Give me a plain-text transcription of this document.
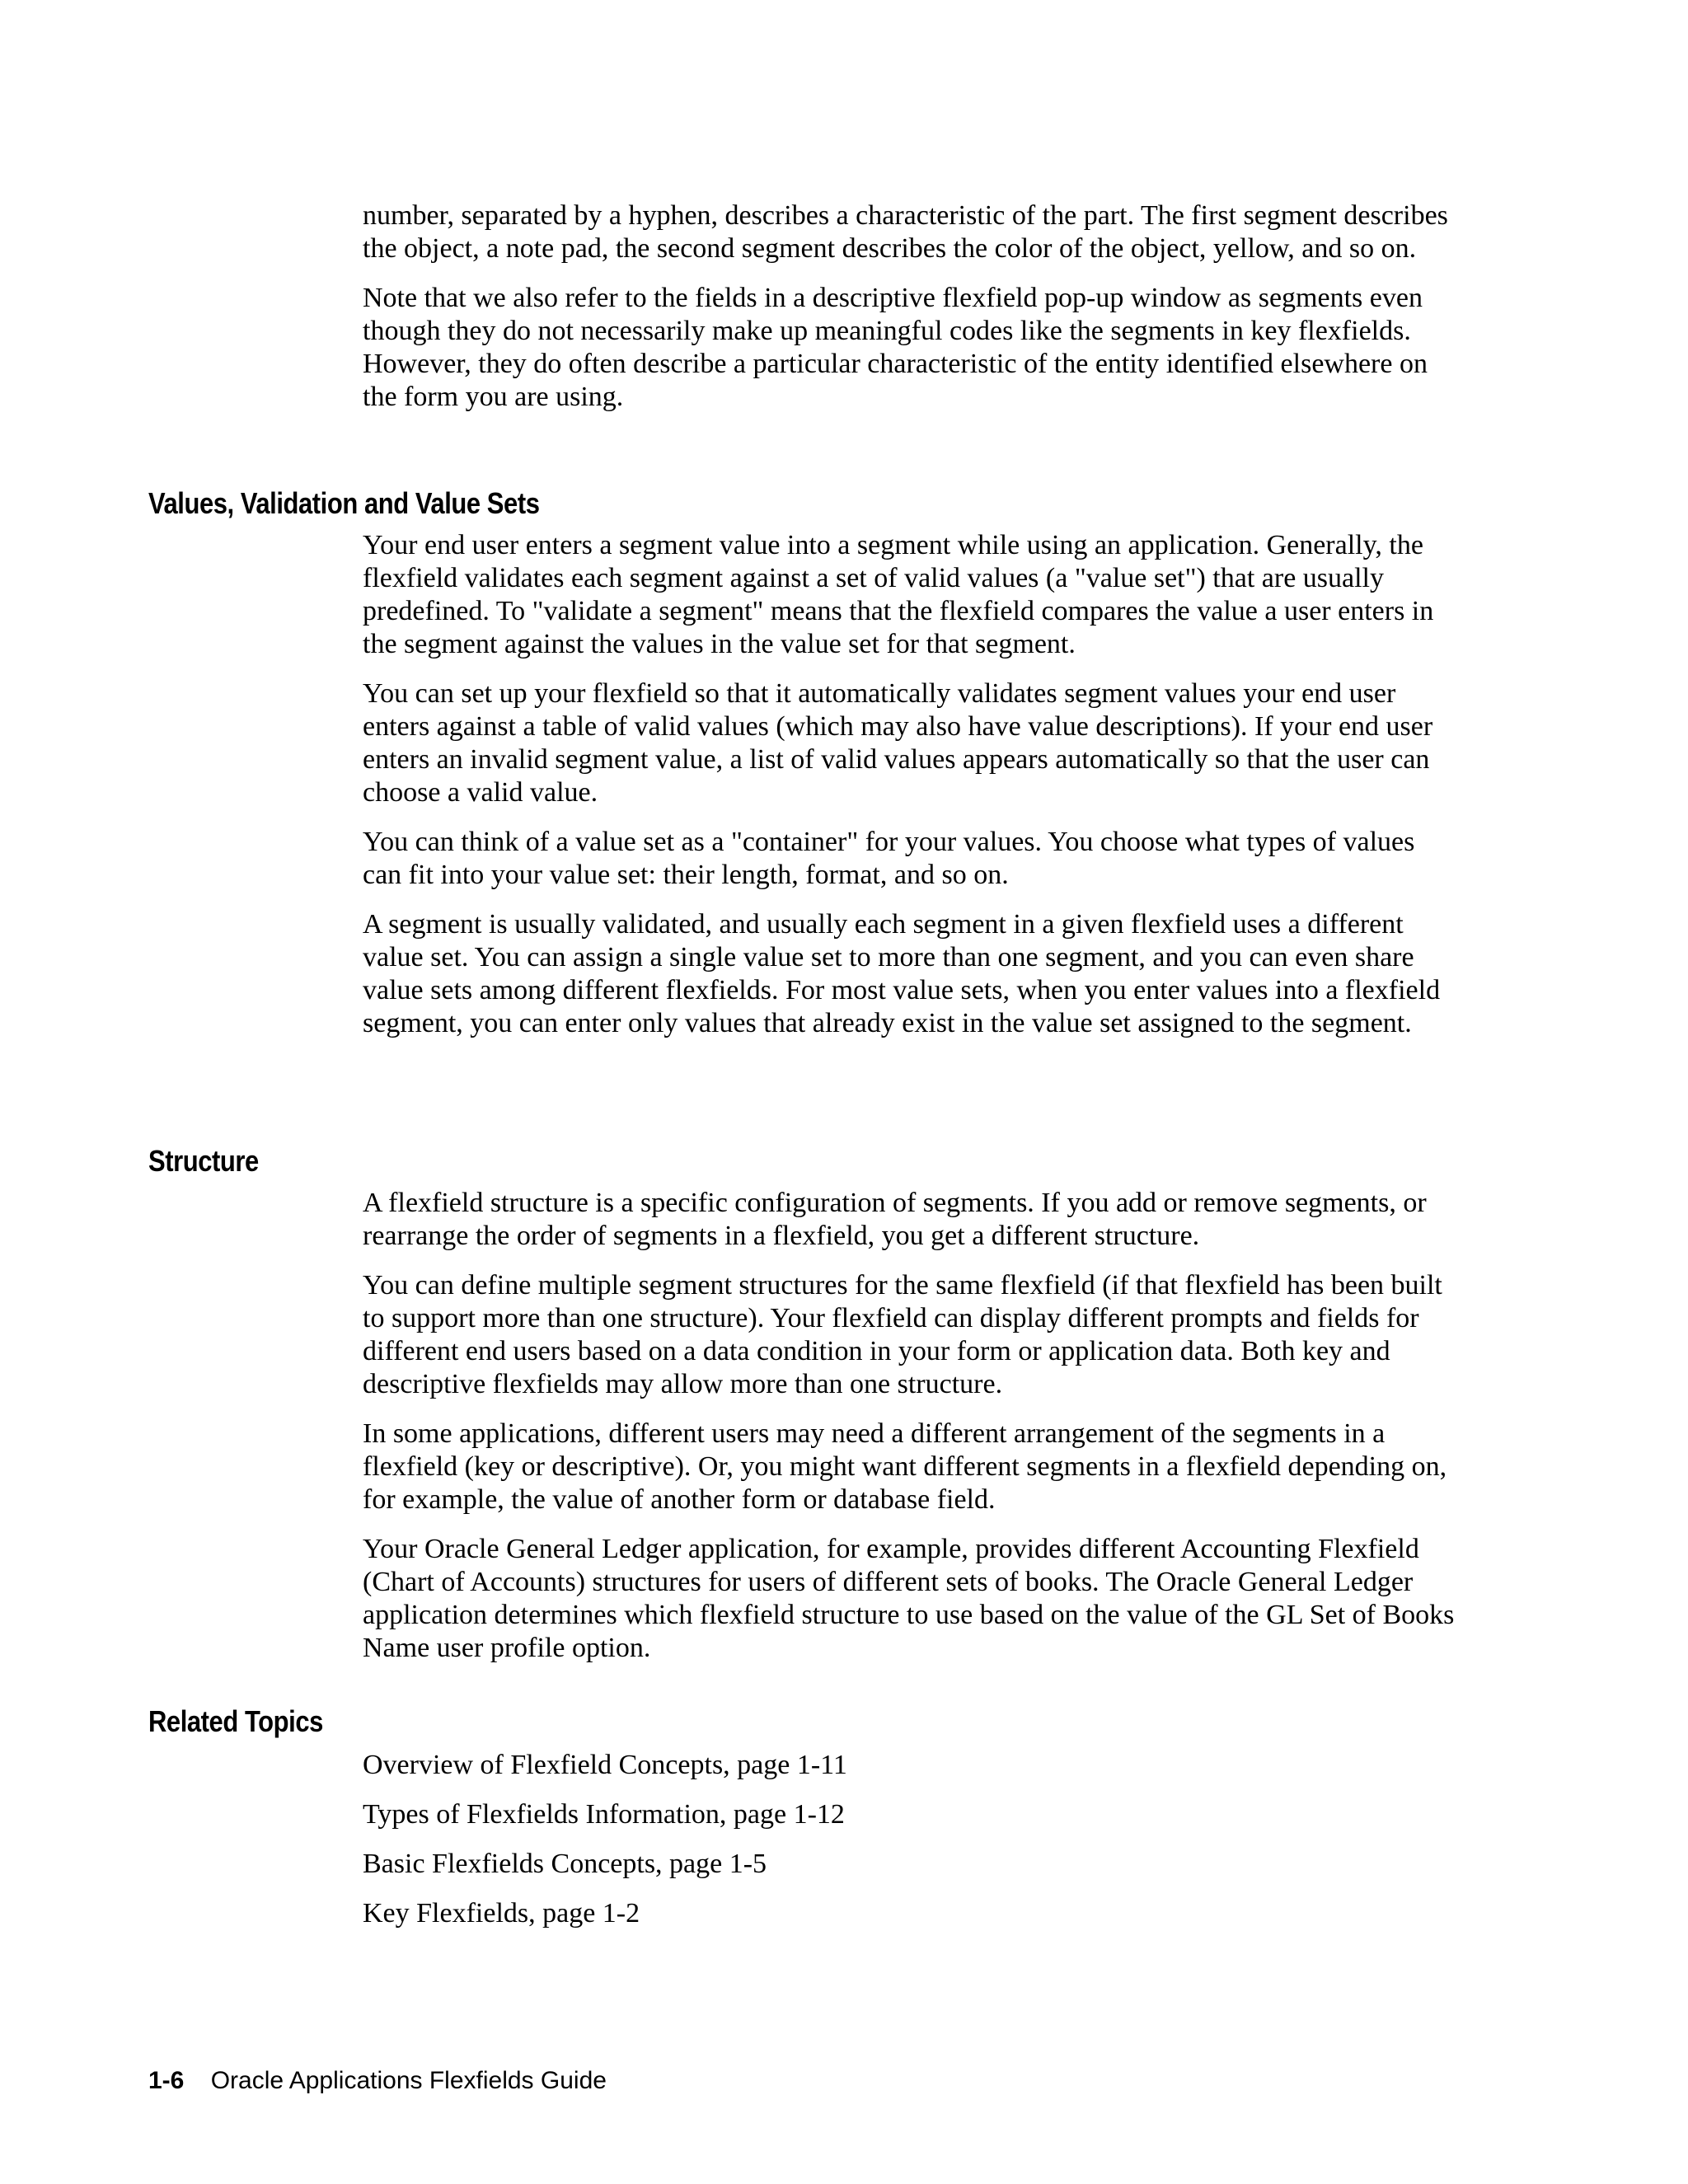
number, separated by a hyphen, describes a characteristic of the part. The first segment describes the object, a note pad, the second segment describes the color of the object, yellow, and so on.

Note that we also refer to the fields in a descriptive flexfield pop-up window as segments even though they do not necessarily make up meaningful codes like the segments in key flexfields. However, they do often describe a particular characteristic of the entity identified elsewhere on the form you are using.

Values, Validation and Value Sets

Your end user enters a segment value into a segment while using an application. Generally, the flexfield validates each segment against a set of valid values (a "value set") that are usually predefined. To "validate a segment" means that the flexfield compares the value a user enters in the segment against the values in the value set for that segment.

You can set up your flexfield so that it automatically validates segment values your end user enters against a table of valid values (which may also have value descriptions). If your end user enters an invalid segment value, a list of valid values appears automatically so that the user can choose a valid value.

You can think of a value set as a "container" for your values. You choose what types of values can fit into your value set: their length, format, and so on.

A segment is usually validated, and usually each segment in a given flexfield uses a different value set. You can assign a single value set to more than one segment, and you can even share value sets among different flexfields. For most value sets, when you enter values into a flexfield segment, you can enter only values that already exist in the value set assigned to the segment.

Structure

A flexfield structure is a specific configuration of segments. If you add or remove segments, or rearrange the order of segments in a flexfield, you get a different structure.

You can define multiple segment structures for the same flexfield (if that flexfield has been built to support more than one structure). Your flexfield can display different prompts and fields for different end users based on a data condition in your form or application data. Both key and descriptive flexfields may allow more than one structure.

In some applications, different users may need a different arrangement of the segments in a flexfield (key or descriptive). Or, you might want different segments in a flexfield depending on, for example, the value of another form or database field.

Your Oracle General Ledger application, for example, provides different Accounting Flexfield (Chart of Accounts) structures for users of different sets of books. The Oracle General Ledger application determines which flexfield structure to use based on the value of the GL Set of Books Name user profile option.

Related Topics

Overview of Flexfield Concepts, page 1-11

Types of Flexfields Information, page 1-12

Basic Flexfields Concepts, page 1-5

Key Flexfields, page 1-2

1-6 Oracle Applications Flexfields Guide
